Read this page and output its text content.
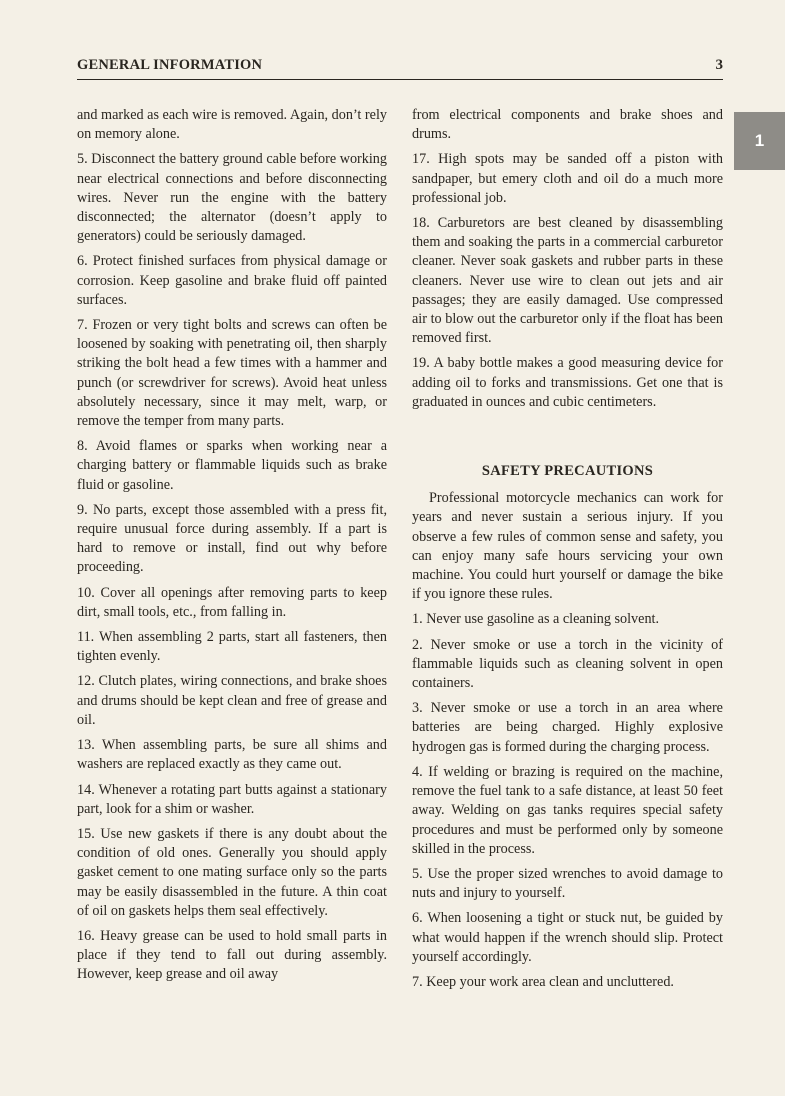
GENERAL INFORMATION	3
1

and marked as each wire is removed. Again, don’t rely on memory alone.

5. Disconnect the battery ground cable before working near electrical connections and before disconnecting wires. Never run the engine with the battery disconnected; the alternator (doesn’t apply to generators) could be seriously damaged.

6. Protect finished surfaces from physical damage or corrosion. Keep gasoline and brake fluid off painted surfaces.

7. Frozen or very tight bolts and screws can often be loosened by soaking with penetrating oil, then sharply striking the bolt head a few times with a hammer and punch (or screwdriver for screws). Avoid heat unless absolutely necessary, since it may melt, warp, or remove the temper from many parts.

8. Avoid flames or sparks when working near a charging battery or flammable liquids such as brake fluid or gasoline.

9. No parts, except those assembled with a press fit, require unusual force during assembly. If a part is hard to remove or install, find out why before proceeding.

10. Cover all openings after removing parts to keep dirt, small tools, etc., from falling in.

11. When assembling 2 parts, start all fasteners, then tighten evenly.

12. Clutch plates, wiring connections, and brake shoes and drums should be kept clean and free of grease and oil.

13. When assembling parts, be sure all shims and washers are replaced exactly as they came out.

14. Whenever a rotating part butts against a stationary part, look for a shim or washer.

15. Use new gaskets if there is any doubt about the condition of old ones. Generally you should apply gasket cement to one mating surface only so the parts may be easily disassembled in the future. A thin coat of oil on gaskets helps them seal effectively.

16. Heavy grease can be used to hold small parts in place if they tend to fall out during assembly. However, keep grease and oil away

from electrical components and brake shoes and drums.

17. High spots may be sanded off a piston with sandpaper, but emery cloth and oil do a much more professional job.

18. Carburetors are best cleaned by disassembling them and soaking the parts in a commercial carburetor cleaner. Never soak gaskets and rubber parts in these cleaners. Never use wire to clean out jets and air passages; they are easily damaged. Use compressed air to blow out the carburetor only if the float has been removed first.

19. A baby bottle makes a good measuring device for adding oil to forks and transmissions. Get one that is graduated in ounces and cubic centimeters.

SAFETY PRECAUTIONS

Professional motorcycle mechanics can work for years and never sustain a serious injury. If you observe a few rules of common sense and safety, you can enjoy many safe hours servicing your own machine. You could hurt yourself or damage the bike if you ignore these rules.

1. Never use gasoline as a cleaning solvent.

2. Never smoke or use a torch in the vicinity of flammable liquids such as cleaning solvent in open containers.

3. Never smoke or use a torch in an area where batteries are being charged. Highly explosive hydrogen gas is formed during the charging process.

4. If welding or brazing is required on the machine, remove the fuel tank to a safe distance, at least 50 feet away. Welding on gas tanks requires special safety procedures and must be performed only by someone skilled in the process.

5. Use the proper sized wrenches to avoid damage to nuts and injury to yourself.

6. When loosening a tight or stuck nut, be guided by what would happen if the wrench should slip. Protect yourself accordingly.

7. Keep your work area clean and uncluttered.
